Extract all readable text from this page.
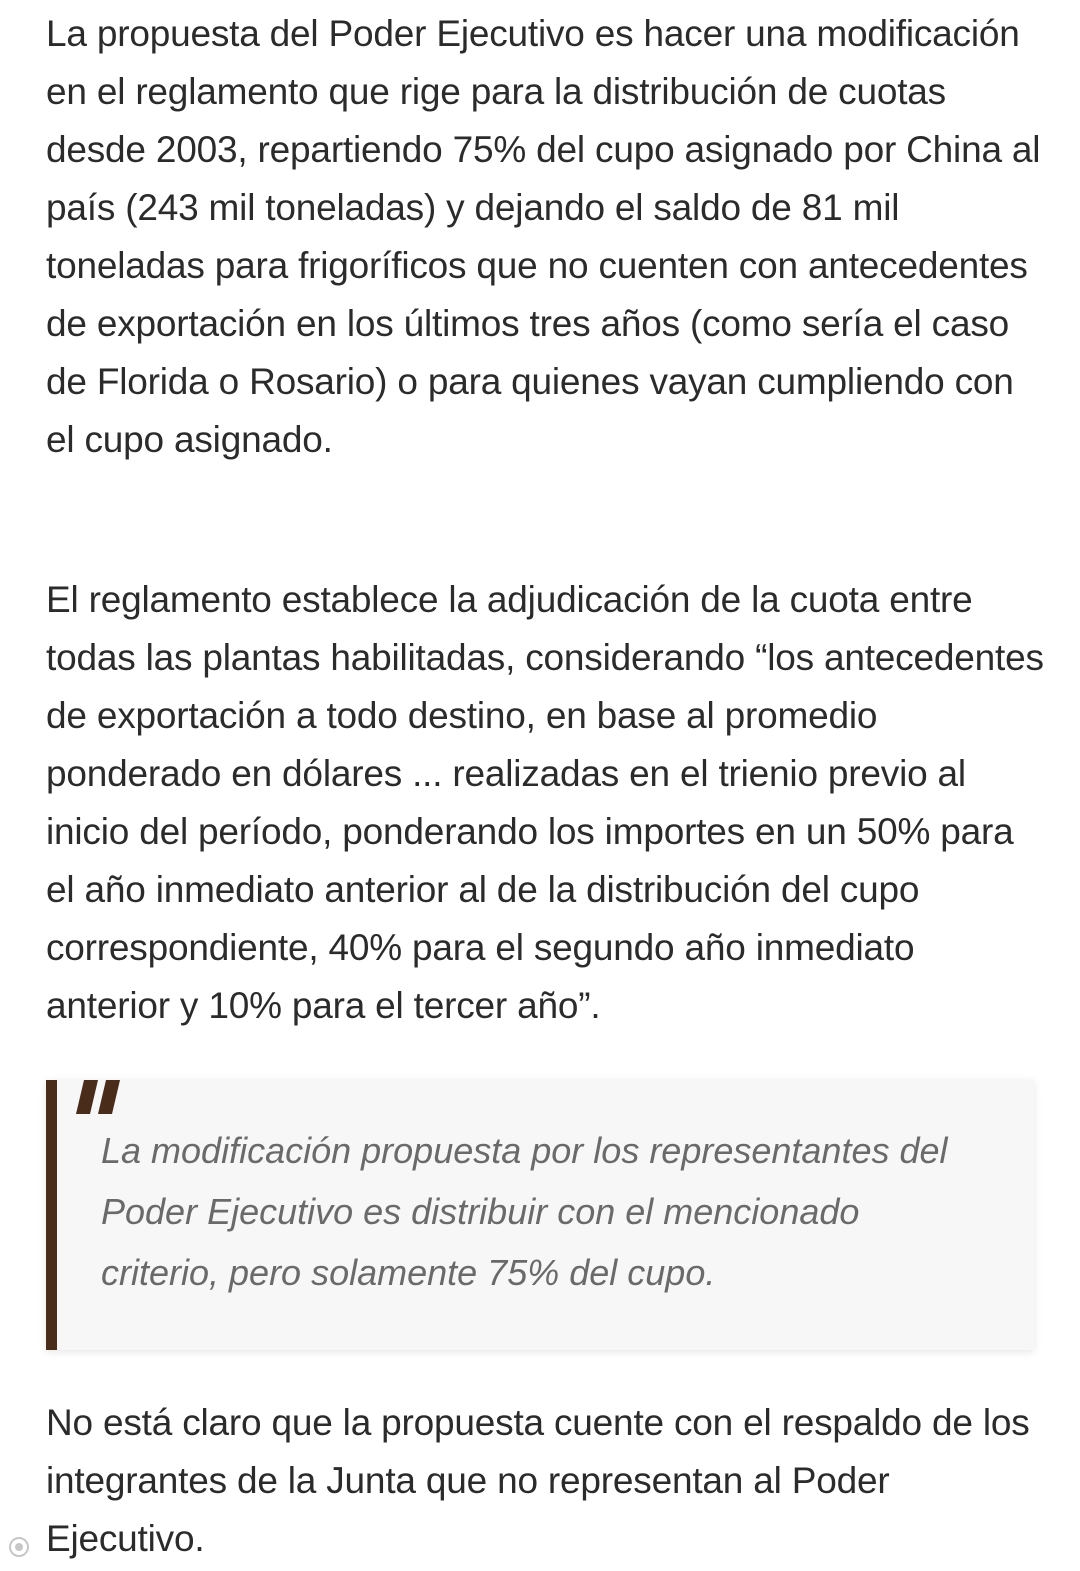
La propuesta del Poder Ejecutivo es hacer una modificación en el reglamento que rige para la distribución de cuotas desde 2003, repartiendo 75% del cupo asignado por China al país (243 mil toneladas) y dejando el saldo de 81 mil toneladas para frigoríficos que no cuenten con antecedentes de exportación en los últimos tres años (como sería el caso de Florida o Rosario) o para quienes vayan cumpliendo con el cupo asignado.

El reglamento establece la adjudicación de la cuota entre todas las plantas habilitadas, considerando “los antecedentes de exportación a todo destino, en base al promedio ponderado en dólares ... realizadas en el trienio previo al inicio del período, ponderando los importes en un 50% para el año inmediato anterior al de la distribución del cupo correspondiente, 40% para el segundo año inmediato anterior y 10% para el tercer año”.

La modificación propuesta por los representantes del Poder Ejecutivo es distribuir con el mencionado criterio, pero solamente 75% del cupo.

No está claro que la propuesta cuente con el respaldo de los integrantes de la Junta que no representan al Poder Ejecutivo.
